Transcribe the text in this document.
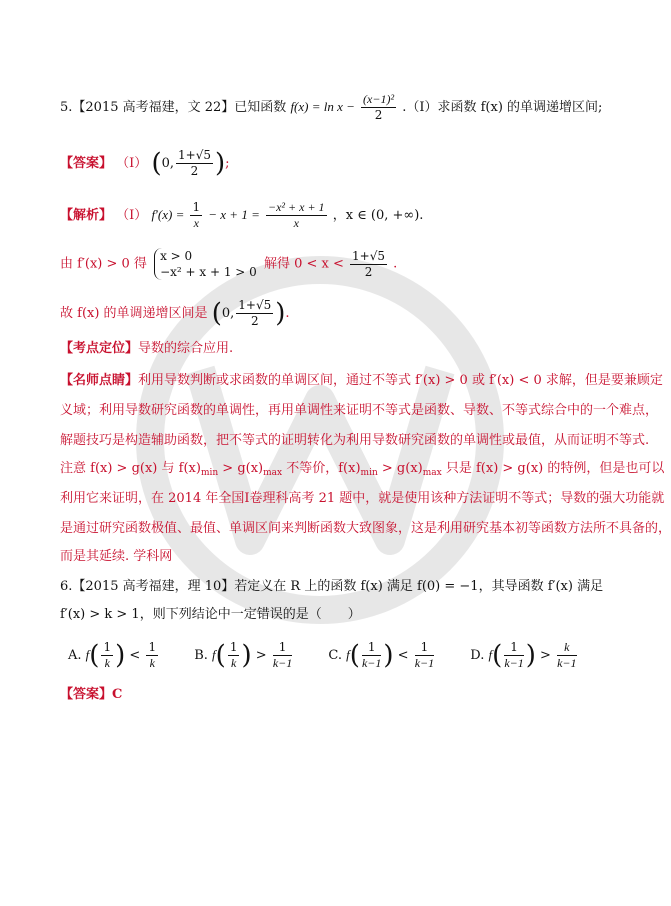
5.【2015 高考福建，文 22】已知函数 $f(x) = \ln x - \frac{\text{(x−1)²}}{2}$ .（Ⅰ）求函数 f(x) 的单调递增区间;
【答案】 （Ⅰ） (0, $\frac{1+√5}{2}$ );
【解析】 （Ⅰ） $f'(x) = \frac{1}{x} - x + 1 = \frac{\text{−x² + x + 1}}{x}$ ，x ∈ (0, +∞).
由 f′(x) > 0 得
x > 0
−x² + x + 1 > 0
解得 $0 < x < \frac{1+√5}{2}$ .
故 f(x) 的单调递增区间是 (0, $\frac{1+√5}{2}$ ).
【考点定位】导数的综合应用.
【名师点睛】利用导数判断或求函数的单调区间，通过不等式 f′(x) > 0 或 f′(x) < 0 求解，但是要兼顾定
义域；利用导数研究函数的单调性，再用单调性来证明不等式是函数、导数、不等式综合中的一个难点，
解题技巧是构造辅助函数，把不等式的证明转化为利用导数研究函数的单调性或最值，从而证明不等式.
注意 f(x) > g(x) 与 $f(x)_{min} > g(x)_{max}$ 不等价，$f(x)_{min} > g(x)_{max}$ 只是 f(x) > g(x) 的特例，但是也可以
利用它来证明，在 2014 年全国Ⅰ卷理科高考 21 题中，就是使用该种方法证明不等式；导数的强大功能就
是通过研究函数极值、最值、单调区间来判断函数大致图象，这是利用研究基本初等函数方法所不具备的，
而是其延续. 学科网
6.【2015 高考福建，理 10】若定义在 R 上的函数 f(x) 满足 f(0) = −1，其导函数 f′(x) 满足
f′(x) > k > 1，则下列结论中一定错误的是（　　）
A. $f( \frac{1}{k}$ ) < $\frac{1}{k}$	B. $f( \frac{1}{k}$ ) > $\frac{1}{k-1}$	C. $f( \frac{1}{k-1}$ ) < $\frac{1}{k-1}$	D. $f( \frac{1}{k-1}$ ) > $\frac{k}{k-1}$
【答案】C
